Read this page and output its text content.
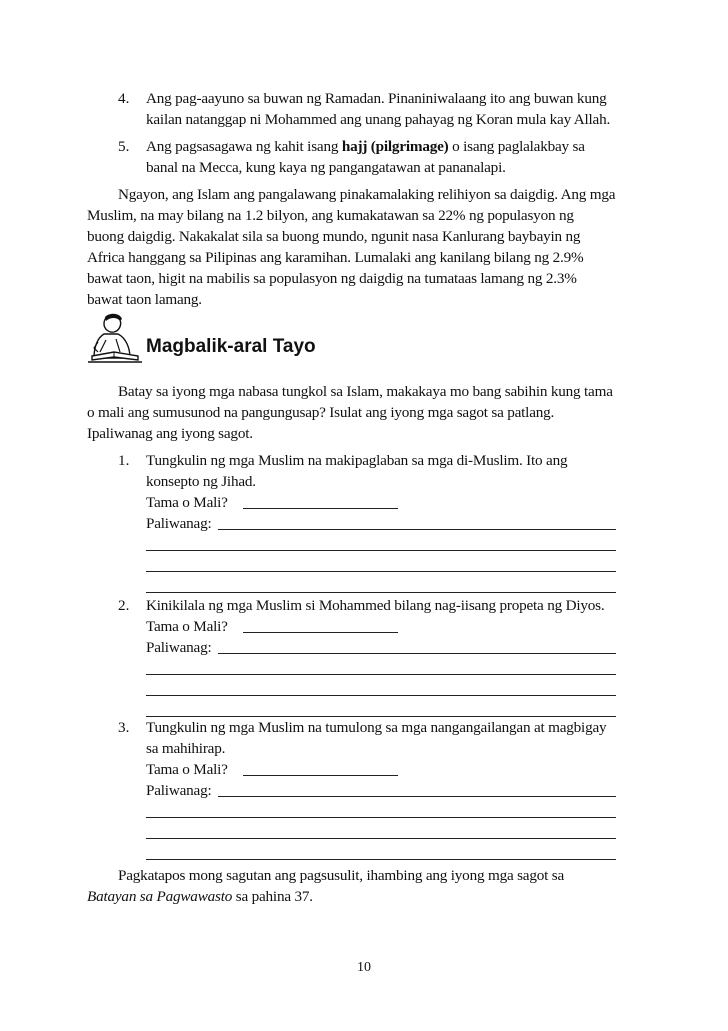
4. Ang pag-aayuno sa buwan ng Ramadan. Pinaniniwalaang ito ang buwan kung
kailan natanggap ni Mohammed ang unang pahayag ng Koran mula kay Allah.
5. Ang pagsasagawa ng kahit isang hajj (pilgrimage) o isang paglalakbay sa
banal na Mecca, kung kaya ng pangangatawan at pananalapi.
Ngayon, ang Islam ang pangalawang pinakamalaking relihiyon sa daigdig. Ang mga
Muslim, na may bilang na 1.2 bilyon, ang kumakatawan sa 22% ng populasyon ng
buong daigdig. Nakakalat sila sa buong mundo, ngunit nasa Kanlurang baybayin ng
Africa hanggang sa Pilipinas ang karamihan. Lumalaki ang kanilang bilang ng 2.9%
bawat taon, higit na mabilis sa populasyon ng daigdig na tumataas lamang ng 2.3%
bawat taon lamang.
Magbalik-aral Tayo
Batay sa iyong mga nabasa tungkol sa Islam, makakaya mo bang sabihin kung tama
o mali ang sumusunod na pangungusap? Isulat ang iyong mga sagot sa patlang.
Ipaliwanag ang iyong sagot.
1. Tungkulin ng mga Muslim na makipaglaban sa mga di-Muslim. Ito ang
konsepto ng Jihad.
Tama o Mali?
Paliwanag:
2. Kinikilala ng mga Muslim si Mohammed bilang nag-iisang propeta ng Diyos.
Tama o Mali?
Paliwanag:
3. Tungkulin ng mga Muslim na tumulong sa mga nangangailangan at magbigay
sa mahihirap.
Tama o Mali?
Paliwanag:
Pagkatapos mong sagutan ang pagsusulit, ihambing ang iyong mga sagot sa
Batayan sa Pagwawasto sa pahina 37.
10
